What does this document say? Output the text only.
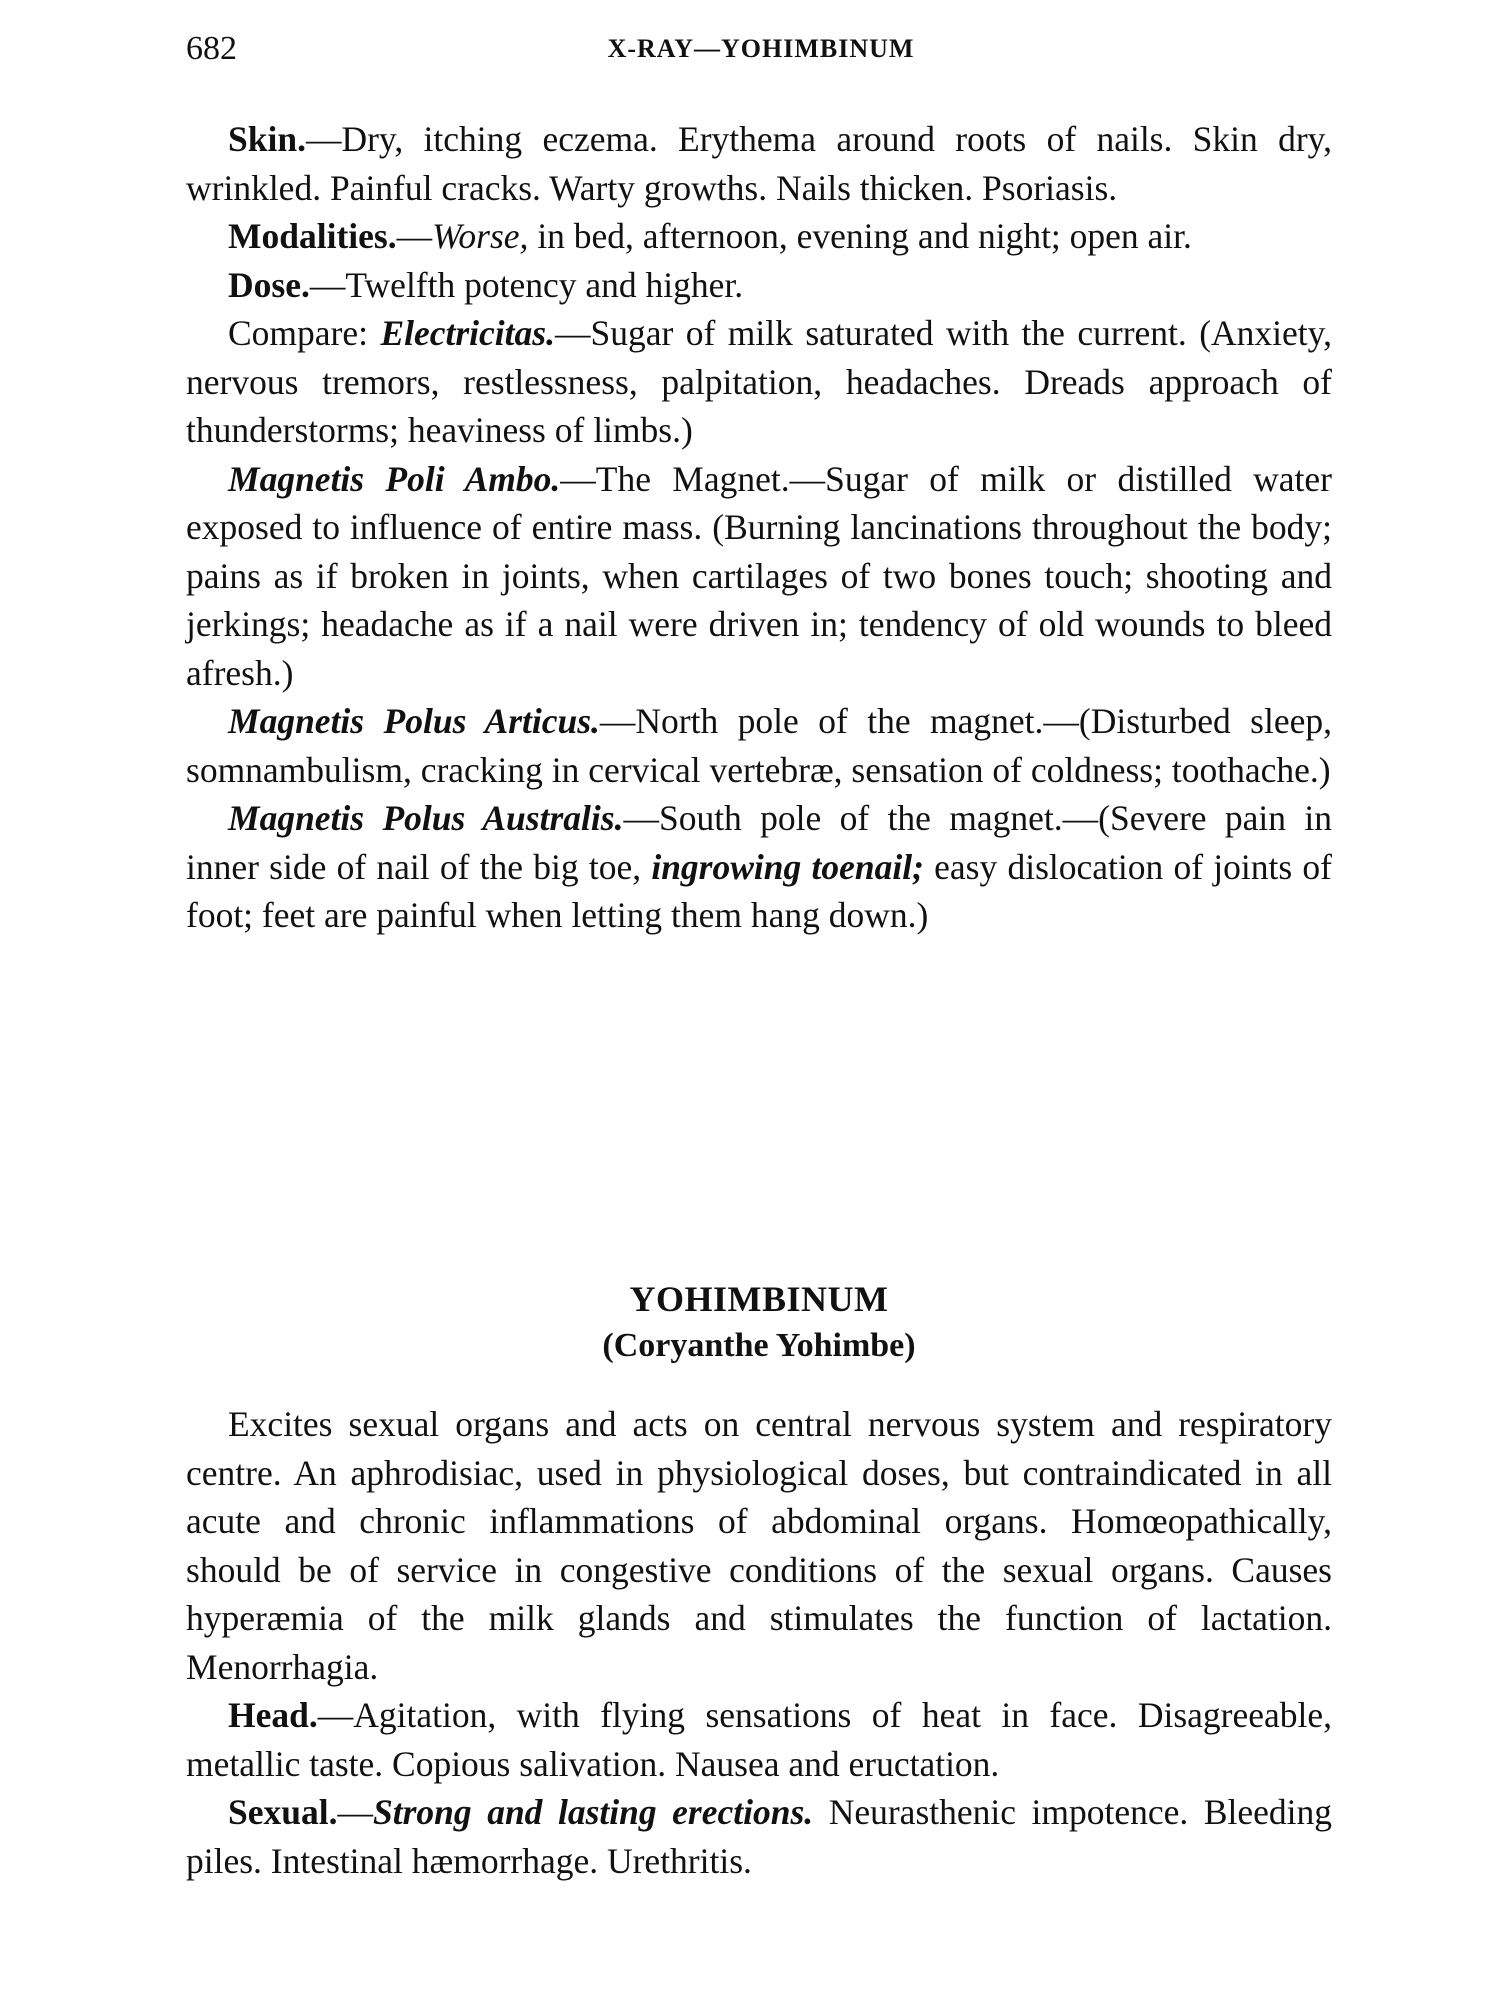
682	X-RAY—YOHIMBINUM

Skin.—Dry, itching eczema. Erythema around roots of nails. Skin dry, wrinkled. Painful cracks. Warty growths. Nails thicken. Psoriasis.

Modalities.—Worse, in bed, afternoon, evening and night; open air.

Dose.—Twelfth potency and higher.

Compare: Electricitas.—Sugar of milk saturated with the current. (Anxiety, nervous tremors, restlessness, palpitation, headaches. Dreads approach of thunderstorms; heaviness of limbs.)

Magnetis Poli Ambo.—The Magnet.—Sugar of milk or distilled water exposed to influence of entire mass. (Burning lancinations throughout the body; pains as if broken in joints, when cartilages of two bones touch; shooting and jerkings; headache as if a nail were driven in; tendency of old wounds to bleed afresh.)

Magnetis Polus Articus.—North pole of the magnet.—(Disturbed sleep, somnambulism, cracking in cervical vertebræ, sensation of coldness; toothache.)

Magnetis Polus Australis.—South pole of the magnet.—(Severe pain in inner side of nail of the big toe, ingrowing toenail; easy dislocation of joints of foot; feet are painful when letting them hang down.)

YOHIMBINUM
(Coryanthe Yohimbe)

Excites sexual organs and acts on central nervous system and respiratory centre. An aphrodisiac, used in physiological doses, but contraindicated in all acute and chronic inflammations of abdominal organs. Homœopathically, should be of service in congestive conditions of the sexual organs. Causes hyperæmia of the milk glands and stimulates the function of lactation. Menorrhagia.

Head.—Agitation, with flying sensations of heat in face. Disagreeable, metallic taste. Copious salivation. Nausea and eructation.

Sexual.—Strong and lasting erections. Neurasthenic impotence. Bleeding piles. Intestinal hæmorrhage. Urethritis.
